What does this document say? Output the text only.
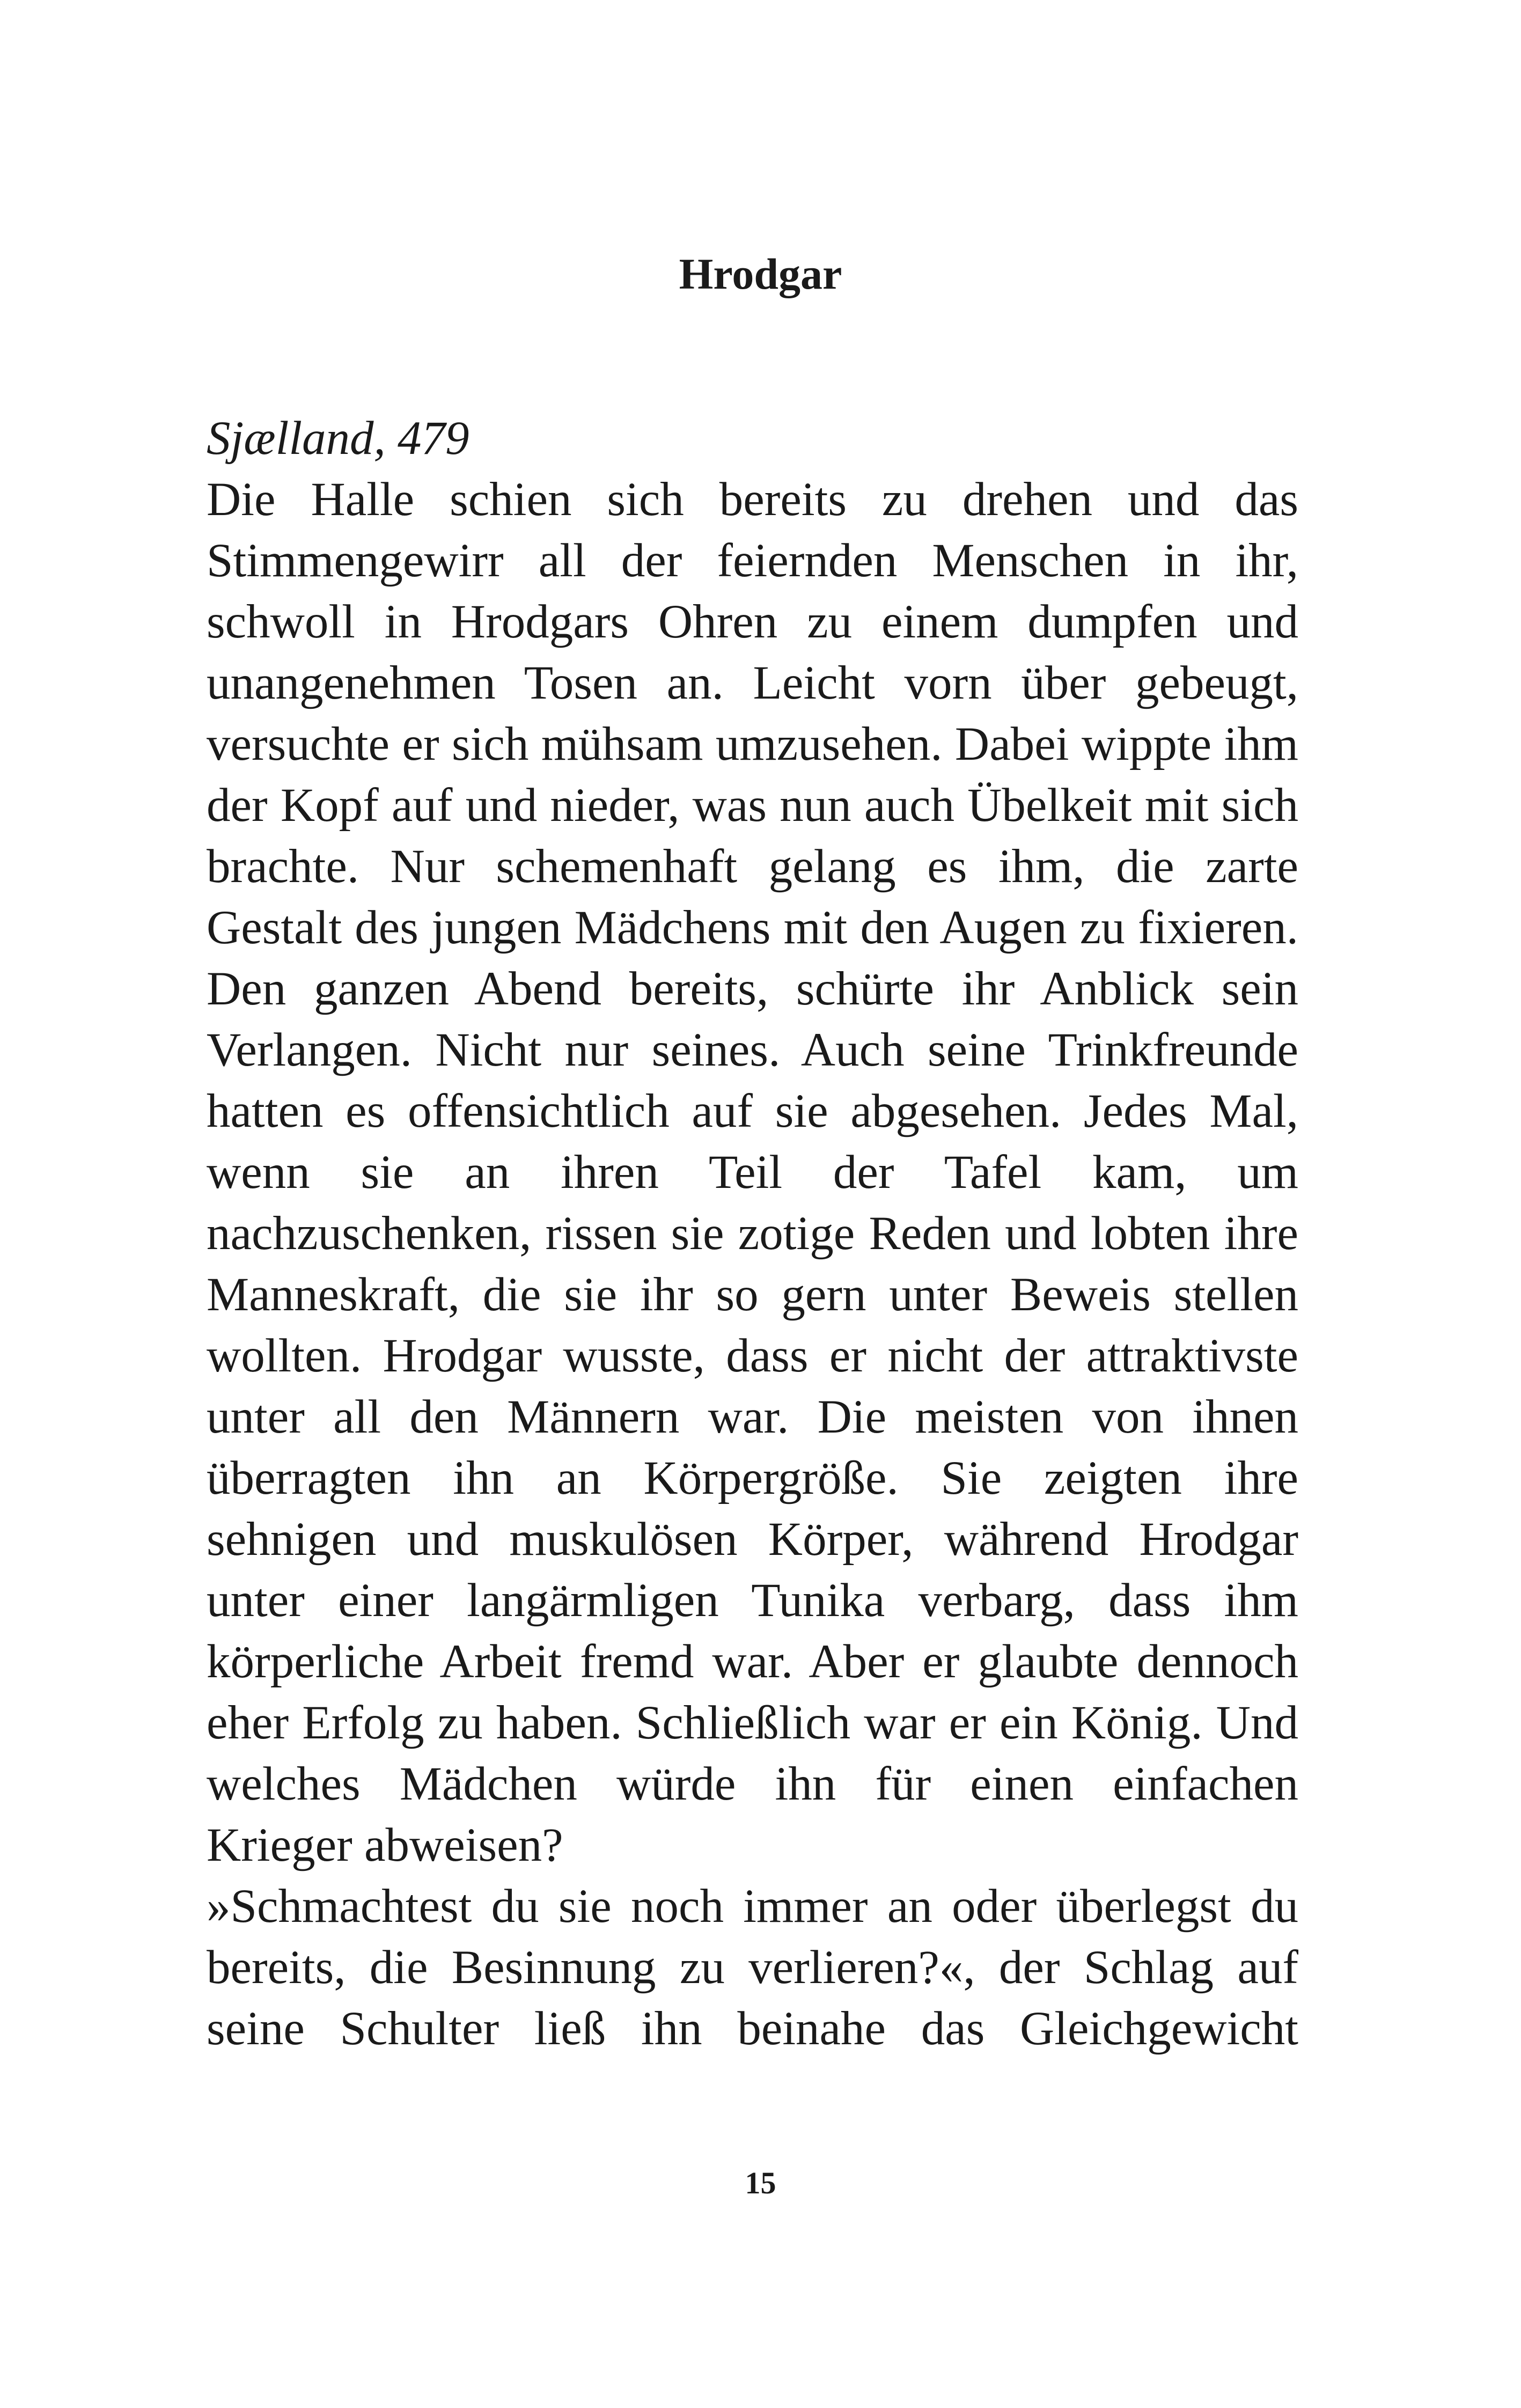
Hrodgar
Sjælland, 479
Die Halle schien sich bereits zu drehen und das
Stimmengewirr all der feiernden Menschen in ihr,
schwoll in Hrodgars Ohren zu einem dumpfen und
unangenehmen Tosen an. Leicht vorn über gebeugt,
versuchte er sich mühsam umzusehen. Dabei wippte ihm
der Kopf auf und nieder, was nun auch Übelkeit mit sich
brachte. Nur schemenhaft gelang es ihm, die zarte
Gestalt des jungen Mädchens mit den Augen zu fixieren.
Den ganzen Abend bereits, schürte ihr Anblick sein
Verlangen. Nicht nur seines. Auch seine Trinkfreunde
hatten es offensichtlich auf sie abgesehen. Jedes Mal,
wenn sie an ihren Teil der Tafel kam, um
nachzuschenken, rissen sie zotige Reden und lobten ihre
Manneskraft, die sie ihr so gern unter Beweis stellen
wollten. Hrodgar wusste, dass er nicht der attraktivste
unter all den Männern war. Die meisten von ihnen
überragten ihn an Körpergröße. Sie zeigten ihre
sehnigen und muskulösen Körper, während Hrodgar
unter einer langärmligen Tunika verbarg, dass ihm
körperliche Arbeit fremd war. Aber er glaubte dennoch
eher Erfolg zu haben. Schließlich war er ein König. Und
welches Mädchen würde ihn für einen einfachen
Krieger abweisen?
»Schmachtest du sie noch immer an oder überlegst du
bereits, die Besinnung zu verlieren?«, der Schlag auf
seine Schulter ließ ihn beinahe das Gleichgewicht
15
